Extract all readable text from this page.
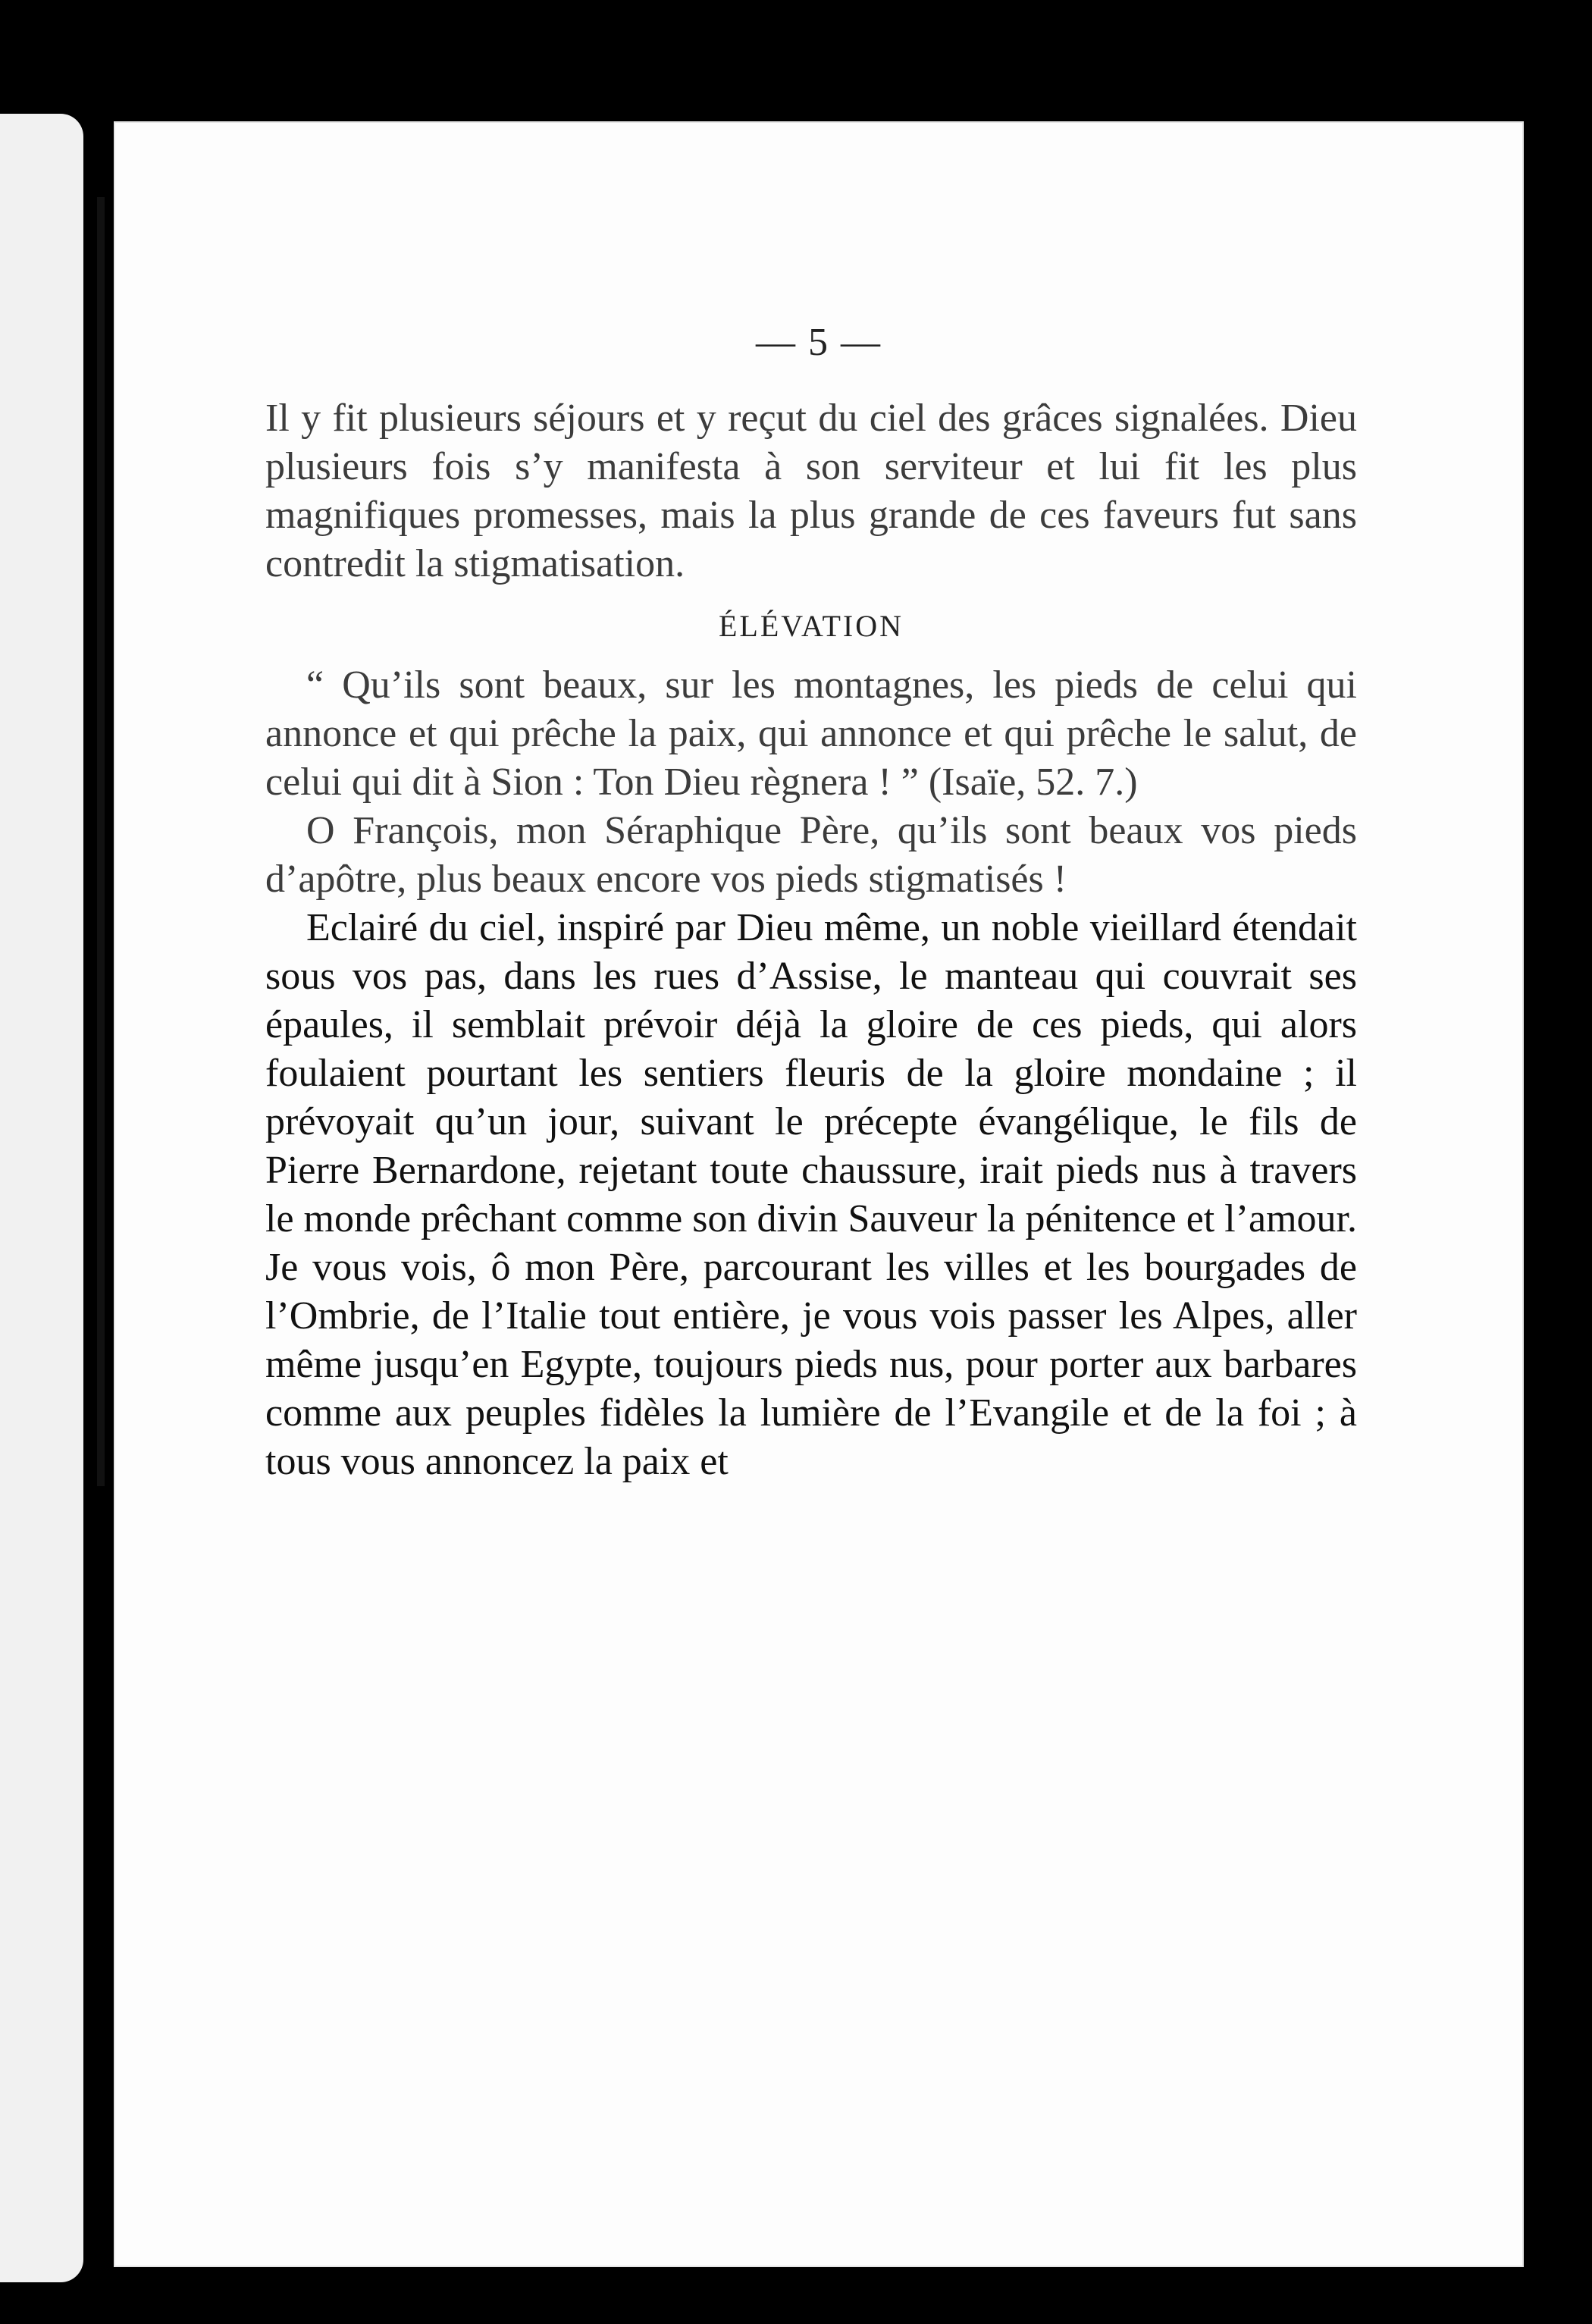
— 5 —

Il y fit plusieurs séjours et y reçut du ciel des grâces signalées. Dieu plusieurs fois s’y manifesta à son serviteur et lui fit les plus magnifiques promesses, mais la plus grande de ces faveurs fut sans contredit la stigmatisation.

ÉLÉVATION

“ Qu’ils sont beaux, sur les montagnes, les pieds de celui qui annonce et qui prêche la paix, qui annonce et qui prêche le salut, de celui qui dit à Sion : Ton Dieu règnera ! ” (Isaïe, 52. 7.)

O François, mon Séraphique Père, qu’ils sont beaux vos pieds d’apôtre, plus beaux encore vos pieds stigmatisés !

Eclairé du ciel, inspiré par Dieu même, un noble vieillard étendait sous vos pas, dans les rues d’Assise, le manteau qui couvrait ses épaules, il semblait prévoir déjà la gloire de ces pieds, qui alors foulaient pourtant les sentiers fleuris de la gloire mondaine ; il prévoyait qu’un jour, suivant le précepte évangélique, le fils de Pierre Bernardone, rejetant toute chaussure, irait pieds nus à travers le monde prêchant comme son divin Sauveur la pénitence et l’amour. Je vous vois, ô mon Père, parcourant les villes et les bourgades de l’Ombrie, de l’Italie tout entière, je vous vois passer les Alpes, aller même jusqu’en Egypte, toujours pieds nus, pour porter aux barbares comme aux peuples fidèles la lumière de l’Evangile et de la foi ; à tous vous annoncez la paix et
